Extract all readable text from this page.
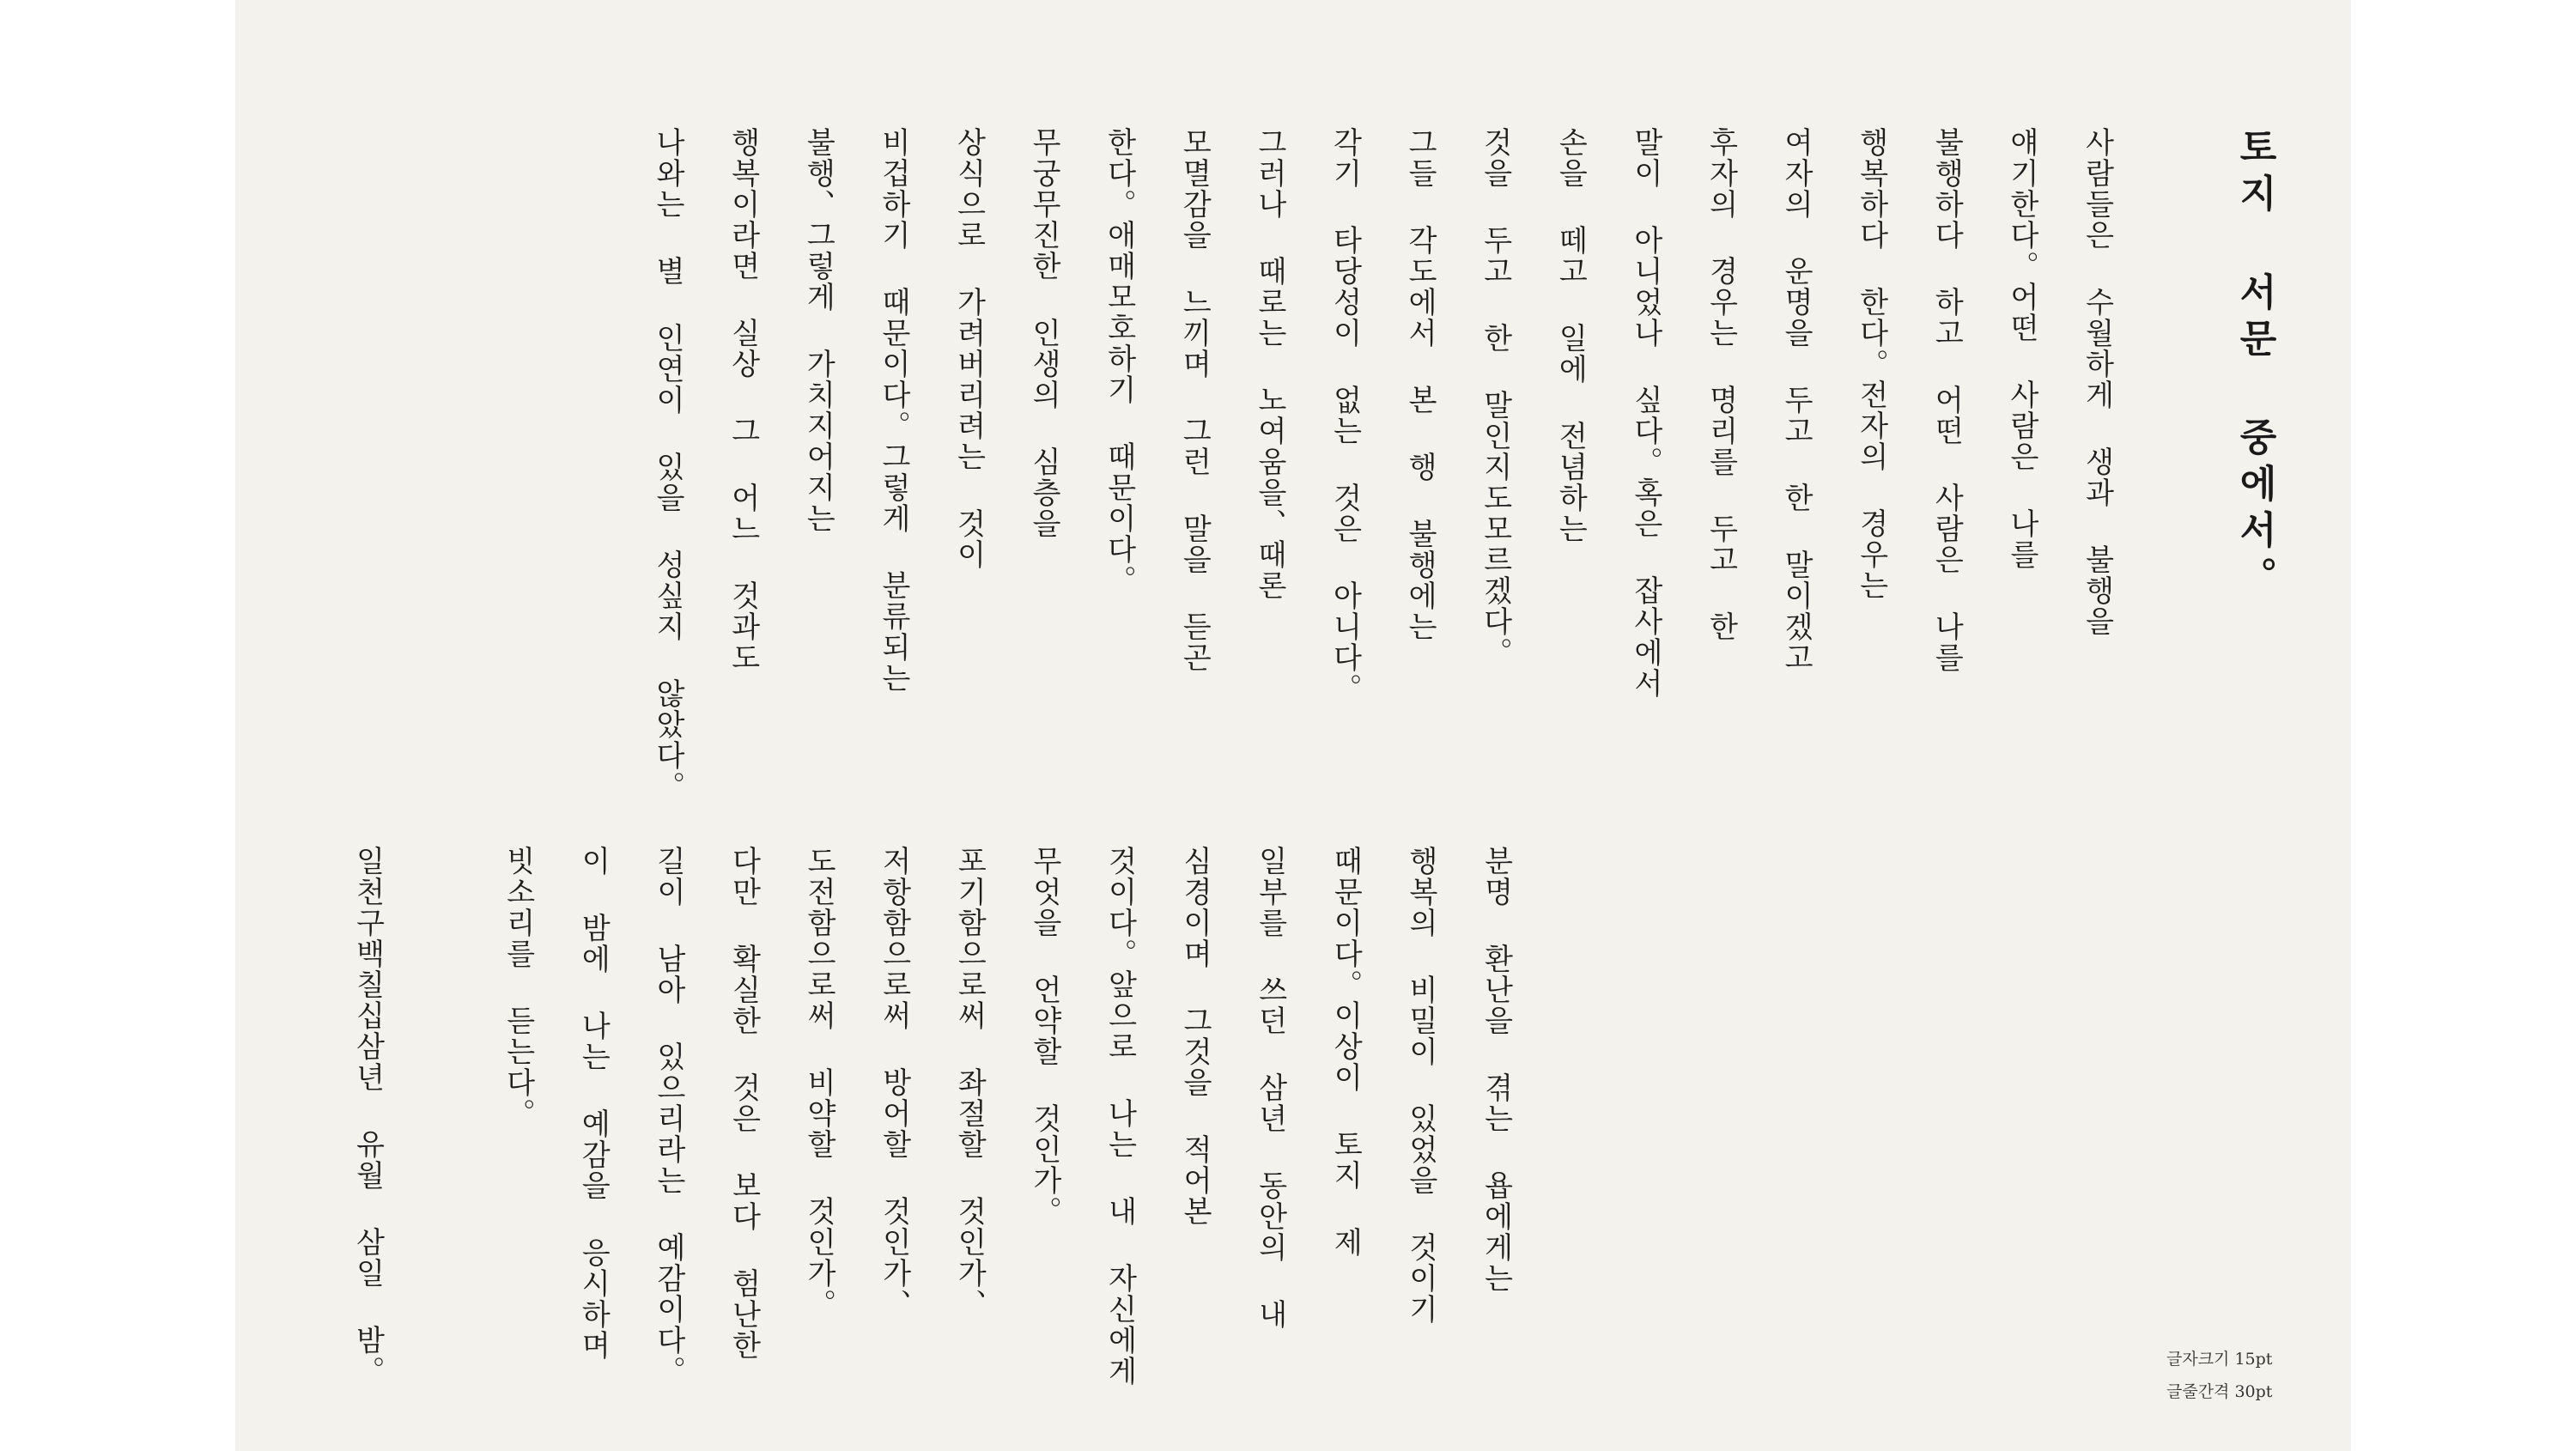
토지 서문 중에서。
사람들은 수월하게 생과 불행을
얘기한다。어떤 사람은 나를
불행하다 하고 어떤 사람은 나를
행복하다 한다。전자의 경우는
여자의 운명을 두고 한 말이겠고
후자의 경우는 명리를 두고 한
말이 아니었나 싶다。혹은 잡사에서
손을 떼고 일에 전념하는
것을 두고 한 말인지도모르겠다。
그들 각도에서 본 행 불행에는
각기 타당성이 없는 것은 아니다。
그러나 때로는 노여움을、때론
모멸감을 느끼며 그런 말을 듣곤
한다。애매모호하기 때문이다。
무궁무진한 인생의 심층을
상식으로 가려버리려는 것이
비겁하기 때문이다。그렇게 분류되는
불행、그렇게 가치지어지는
행복이라면 실상 그 어느 것과도
나와는 별 인연이 있을 성싶지 않았다。
분명 환난을 겪는 욥에게는
행복의 비밀이 있었을 것이기
때문이다。이상이 토지 제
일부를 쓰던 삼년 동안의 내
심경이며 그것을 적어본
것이다。앞으로 나는 내 자신에게
무엇을 언약할 것인가。
포기함으로써 좌절할 것인가、
저항함으로써 방어할 것인가、
도전함으로써 비약할 것인가。
다만 확실한 것은 보다 험난한
길이 남아 있으리라는 예감이다。
이 밤에 나는 예감을 응시하며
빗소리를 듣는다。
일천구백칠십삼년 유월 삼일 밤。	글자크기 15pt
글줄간격 30pt
